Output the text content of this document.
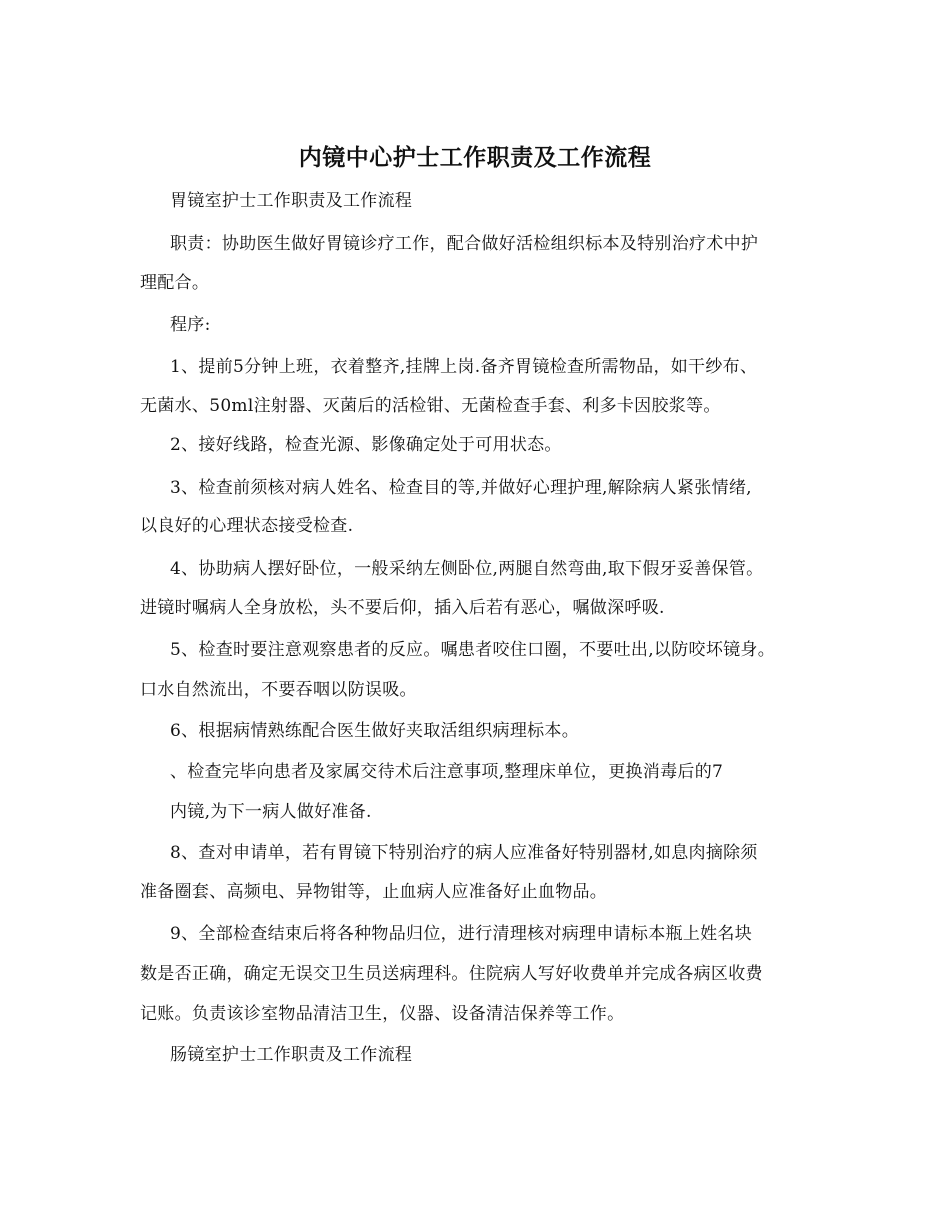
内镜中心护士工作职责及工作流程
胃镜室护士工作职责及工作流程
职责：协助医生做好胃镜诊疗工作，配合做好活检组织标本及特别治疗术中护
理配合。
程序:
1、提前5分钟上班，衣着整齐,挂牌上岗.备齐胃镜检查所需物品，如干纱布、
无菌水、50ml注射器、灭菌后的活检钳、无菌检查手套、利多卡因胶浆等。
2、接好线路，检查光源、影像确定处于可用状态。
3、检查前须核对病人姓名、检查目的等,并做好心理护理,解除病人紧张情绪,
以良好的心理状态接受检查.
4、协助病人摆好卧位，一般采纳左侧卧位,两腿自然弯曲,取下假牙妥善保管。
进镜时嘱病人全身放松，头不要后仰，插入后若有恶心，嘱做深呼吸.
5、检查时要注意观察患者的反应。嘱患者咬住口圈，不要吐出,以防咬坏镜身。
口水自然流出，不要吞咽以防误吸。
6、根据病情熟练配合医生做好夹取活组织病理标本。
、检查完毕向患者及家属交待术后注意事项,整理床单位，更换消毒后的7
内镜,为下一病人做好准备.
8、查对申请单，若有胃镜下特别治疗的病人应准备好特别器材,如息肉摘除须
准备圈套、高频电、异物钳等，止血病人应准备好止血物品。
9、全部检查结束后将各种物品归位，进行清理核对病理申请标本瓶上姓名块
数是否正确，确定无误交卫生员送病理科。住院病人写好收费单并完成各病区收费
记账。负责该诊室物品清洁卫生，仪器、设备清洁保养等工作。
肠镜室护士工作职责及工作流程
